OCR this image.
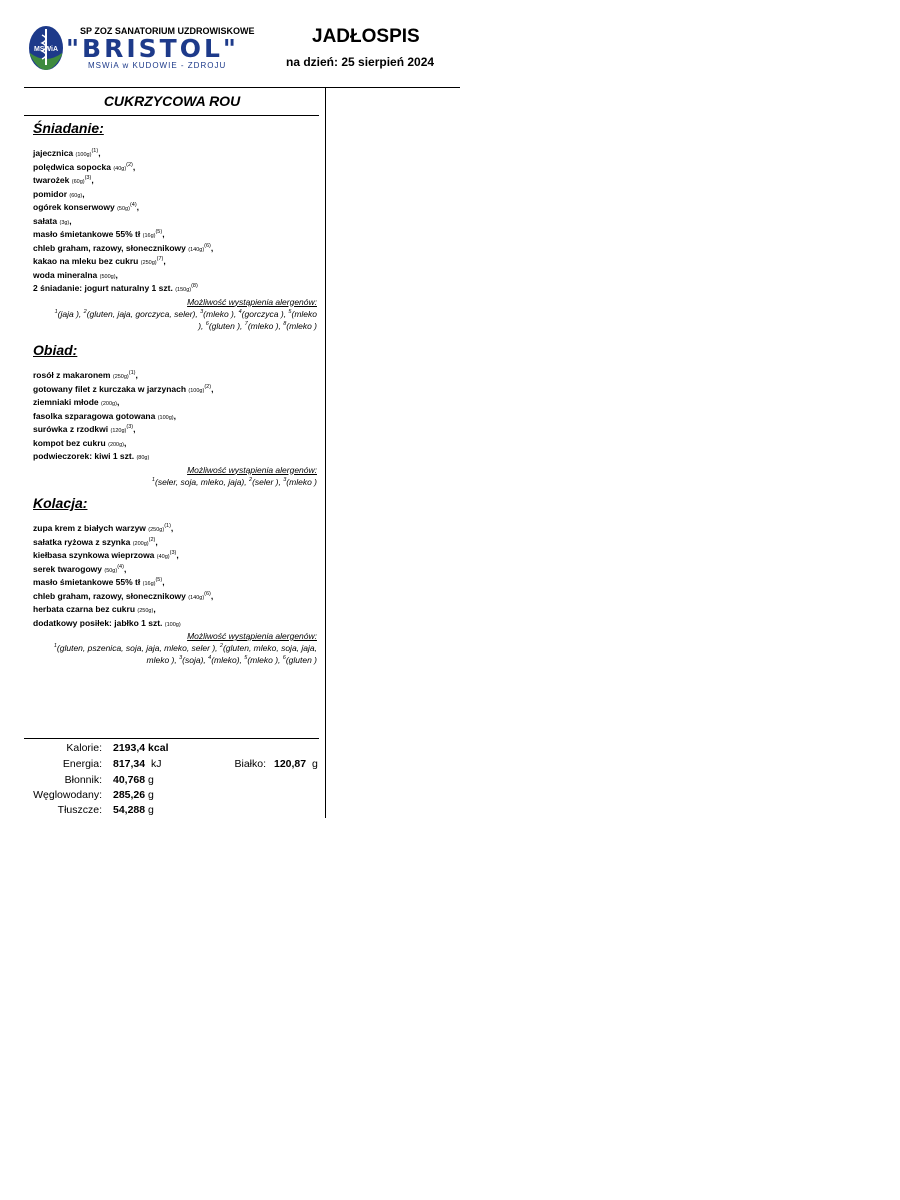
MSWiA
SP ZOZ SANATORIUM UZDROWISKOWE
"BRISTOL"
MSWiA w KUDOWIE - ZDROJU
JADŁOSPIS
na dzień: 25 sierpień 2024
CUKRZYCOWA ROU
Śniadanie:
jajecznica $(100g)^{(1)}$,
polędwica sopocka $(40g)^{(2)}$,
twarożek $(60g)^{(3)}$,
pomidor (60g),
ogórek konserwowy $(50g)^{(4)}$,
sałata (3g),
masło śmietankowe 55% tł $(16g)^{(5)}$,
chleb graham, razowy, słonecznikowy $(140g)^{(6)}$,
kakao na mleku bez cukru $(250g)^{(7)}$,
woda mineralna (500g),
2 śniadanie: jogurt naturalny 1 szt. $(150g)^{(8)}$
Możliwość wystąpienia alergenów:
$^1$(jaja ), $^2$(gluten, jaja, gorczyca, seler), $^3$(mleko ), $^4$(gorczyca ), $^5$(mleko ), $^6$(gluten ), $^7$(mleko ), $^8$(mleko )
Obiad:
rosół z makaronem $(250g)^{(1)}$,
gotowany filet z kurczaka w jarzynach $(100g)^{(2)}$,
ziemniaki młode (200g),
fasolka szparagowa gotowana (100g),
surówka z rzodkwi $(120g)^{(3)}$,
kompot bez cukru (200g),
podwieczorek: kiwi 1 szt. (80g)
Możliwość wystąpienia alergenów:
$^1$(seler, soja, mleko, jaja), $^2$(seler ), $^3$(mleko )
Kolacja:
zupa krem z białych warzyw $(250g)^{(1)}$,
sałatka ryżowa z szynka $(200g)^{(2)}$,
kiełbasa szynkowa wieprzowa $(40g)^{(3)}$,
serek twarogowy $(50g)^{(4)}$,
masło śmietankowe 55% tł $(16g)^{(5)}$,
chleb graham, razowy, słonecznikowy $(140g)^{(6)}$,
herbata czarna bez cukru (250g),
dodatkowy posiłek: jabłko 1 szt. (100g)
Możliwość wystąpienia alergenów:
$^1$(gluten, pszenica, soja, jaja, mleko, seler ), $^2$(gluten, mleko, soja, jaja, mleko ), $^3$(soja), $^4$(mleko), $^5$(mleko ), $^6$(gluten )
Kalorie: 2193,4 kcal
Energia: 817,34 kJ	Białko: 120,87 g
Błonnik: 40,768 g
Węglowodany: 285,26 g
Tłuszcze: 54,288 g
